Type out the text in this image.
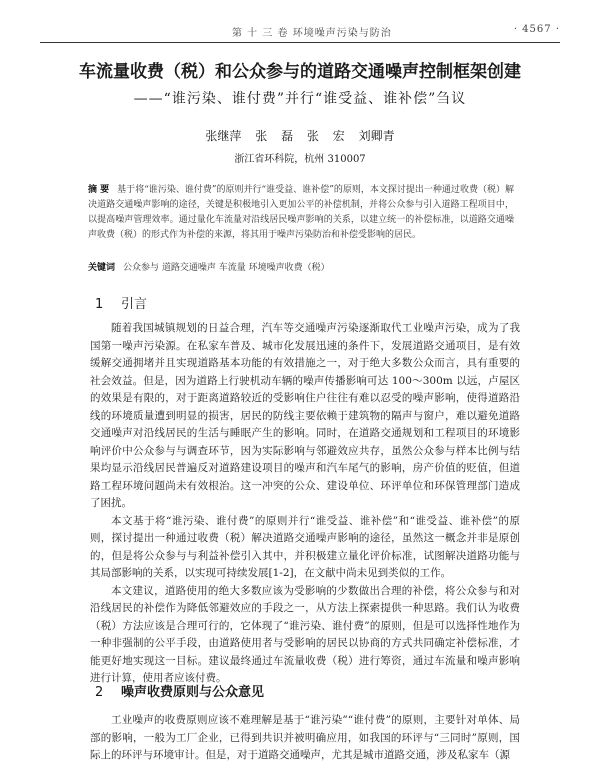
第 十 三 卷 环境噪声污染与防治	· 4567 ·
车流量收费（税）和公众参与的道路交通噪声控制框架创建
——“谁污染、谁付费”并行“谁受益、谁补偿”刍议
张继萍 张 磊 张 宏 刘卿青
浙江省环科院，杭州 310007
摘 要 基于将“谁污染、谁付费”的原则并行“谁受益、谁补偿”的原则，本文探讨提出一种通过收费（税）解决道路交通噪声影响的途径，关键是积极地引入更加公平的补偿机制，并将公众参与引入道路工程项目中，以提高噪声管理效率。通过量化车流量对沿线居民噪声影响的关系，以建立统一的补偿标准，以道路交通噪声收费（税）的形式作为补偿的来源，将其用于噪声污染防治和补偿受影响的居民。
关键词 公众参与 道路交通噪声 车流量 环境噪声收费（税）
1 引言

随着我国城镇规划的日益合理，汽车等交通噪声污染逐渐取代工业噪声污染，成为了我国第一噪声污染源。在私家车普及、城市化发展迅速的条件下，发展道路交通项目，是有效缓解交通拥堵并且实现道路基本功能的有效措施之一，对于绝大多数公众而言，具有重要的社会效益。但是，因为道路上行驶机动车辆的噪声传播影响可达 100～300m 以远，卢屋区的效果是有限的，对于距离道路较近的受影响住户往往有难以忍受的噪声影响，使得道路沿线的环境质量遭到明显的损害，居民的防线主要依赖于建筑物的隔声与窗户，难以避免道路交通噪声对沿线居民的生活与睡眠产生的影响。同时，在道路交通规划和工程项目的环境影响评价中公众参与与调查环节，因为实际影响与邻避效应共存，虽然公众参与样本比例与结果均显示沿线居民普遍反对道路建设项目的噪声和汽车尾气的影响，房产价值的贬值，但道路工程环境问题尚未有效根治。这一冲突的公众、建设单位、环评单位和环保管理部门造成了困扰。

本文基于将“谁污染、谁付费”的原则并行“谁受益、谁补偿”和“谁受益、谁补偿”的原则，探讨提出一种通过收费（税）解决道路交通噪声影响的途径，虽然这一概念并非是原创的，但是将公众参与与利益补偿引入其中，并积极建立量化评价标准，试图解决道路功能与其局部影响的关系，以实现可持续发展[1-2]，在文献中尚未见到类似的工作。

本文建议，道路使用的绝大多数应该为受影响的少数做出合理的补偿，将公众参与和对沿线居民的补偿作为降低邻避效应的手段之一，从方法上探索提供一种思路。我们认为收费（税）方法应该是合理可行的，它体现了“谁污染、谁付费”的原则，但是可以选择性地作为一种非强制的公平手段，由道路使用者与受影响的居民以协商的方式共同确定补偿标准，才能更好地实现这一目标。建议最终通过车流量收费（税）进行筹资，通过车流量和噪声影响进行计算，使用者应该付费。

2 噪声收费原则与公众意见

工业噪声的收费原则应该不难理解是基于“谁污染”“谁付费”的原则，主要针对单体、局部的影响，一般为工厂企业，已得到共识并被明确应用，如我国的环评与“三同时”原则，国际上的环评与环境审计。但是，对于道路交通噪声，尤其是城市道路交通，涉及私家车（源
